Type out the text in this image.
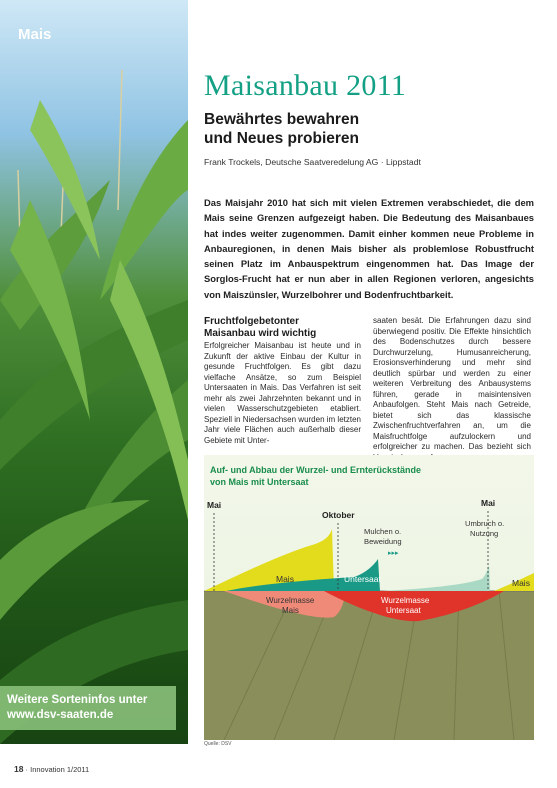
Mais
Weitere Sorteninfos unter
www.dsv-saaten.de
Maisanbau 2011
Bewährtes bewahren
und Neues probieren
Frank Trockels, Deutsche Saatveredelung AG · Lippstadt
Das Maisjahr 2010 hat sich mit vielen Extremen verabschiedet, die dem Mais seine Grenzen aufgezeigt haben. Die Bedeutung des Maisanbaues hat indes weiter zugenommen. Damit einher kommen neue Probleme in Anbauregionen, in denen Mais bisher als problemlose Robustfrucht seinen Platz im Anbauspektrum eingenommen hat. Das Image der Sorglos-Frucht hat er nun aber in allen Regionen verloren, angesichts von Maiszünsler, Wurzelbohrer und Bodenfruchtbarkeit.
Fruchtfolgebetonter
Maisanbau wird wichtig
Erfolgreicher Maisanbau ist heute und in Zukunft der aktive Einbau der Kultur in gesunde Fruchtfolgen. Es gibt dazu vielfache Ansätze, so zum Beispiel Untersaaten in Mais. Das Verfahren ist seit mehr als zwei Jahrzehnten bekannt und in vielen Wasserschutzgebieten etabliert. Speziell in Niedersachsen wurden im letzten Jahr viele Flächen auch außerhalb dieser Gebiete mit Unter-
saaten besät. Die Erfahrungen dazu sind überwiegend positiv. Die Effekte hinsichtlich des Bodenschutzes durch bessere Durchwurzelung, Humusanreicherung, Erosionsverhinderung und mehr sind deutlich spürbar und werden zu einer weiteren Verbreitung des Anbausystems führen, gerade in maisintensiven Anbaufolgen. Steht Mais nach Getreide, bietet sich das klassische Zwischenfruchtverfahren an, um die Maisfruchtfolge aufzulockern und erfolgreicher zu machen. Das bezieht sich
Auf- und Abbau der Wurzel- und Ernterückstände
von Mais mit Untersaat
Mai
Oktober
Mai
Mulchen o.
Beweidung
▸▸▸
Umbruch o.
Nutzung
Mais	Untersaat	Mais
Wurzelmasse
Mais
Wurzelmasse
Untersaat
Quelle: DSV
18 · Innovation 1/2011
